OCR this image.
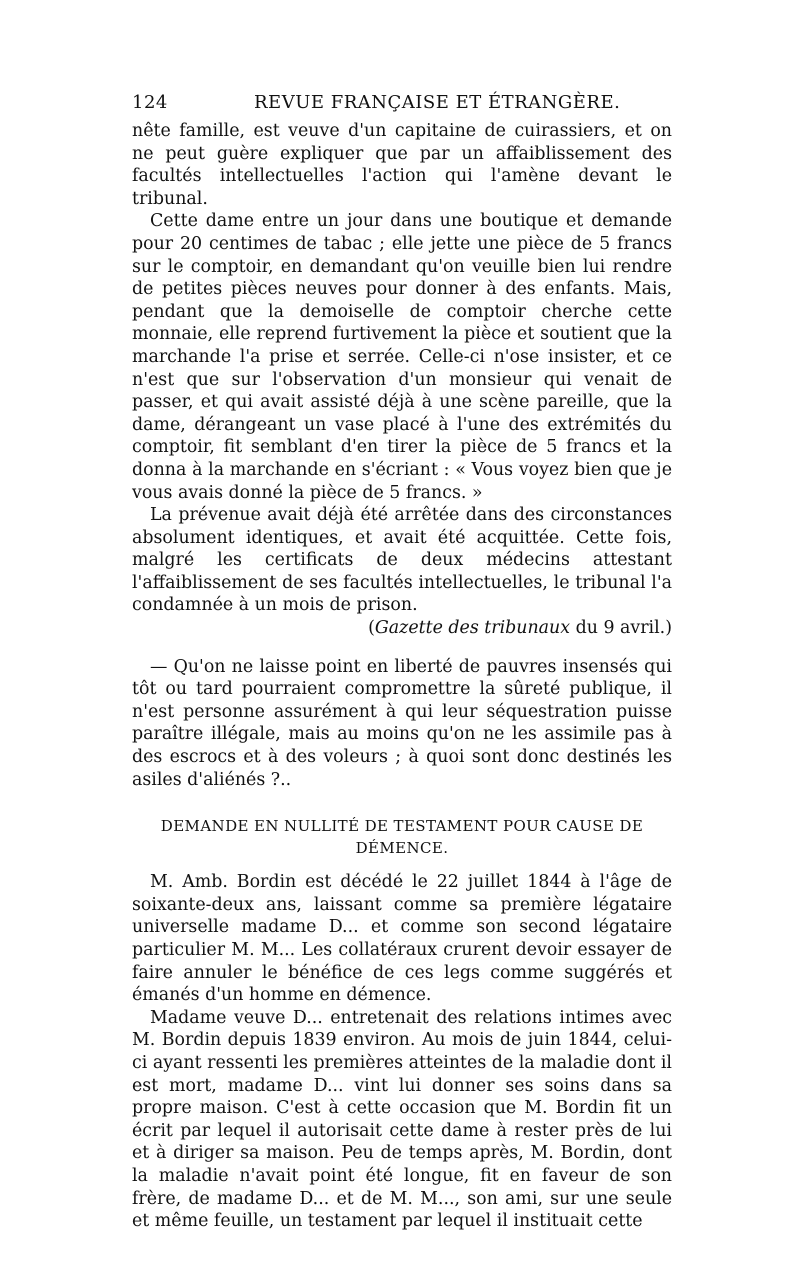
124	REVUE FRANÇAISE ET ÉTRANGÈRE.

nête famille, est veuve d'un capitaine de cuirassiers, et on ne peut guère expliquer que par un affaiblissement des facultés intellectuelles l'action qui l'amène devant le tribunal.

Cette dame entre un jour dans une boutique et demande pour 20 centimes de tabac ; elle jette une pièce de 5 francs sur le comptoir, en demandant qu'on veuille bien lui rendre de petites pièces neuves pour donner à des enfants. Mais, pendant que la demoiselle de comptoir cherche cette monnaie, elle reprend furtivement la pièce et soutient que la marchande l'a prise et serrée. Celle-ci n'ose insister, et ce n'est que sur l'observation d'un monsieur qui venait de passer, et qui avait assisté déjà à une scène pareille, que la dame, dérangeant un vase placé à l'une des extrémités du comptoir, fit semblant d'en tirer la pièce de 5 francs et la donna à la marchande en s'écriant : « Vous voyez bien que je vous avais donné la pièce de 5 francs. »

La prévenue avait déjà été arrêtée dans des circonstances absolument identiques, et avait été acquittée. Cette fois, malgré les certificats de deux médecins attestant l'affaiblissement de ses facultés intellectuelles, le tribunal l'a condamnée à un mois de prison.

(Gazette des tribunaux du 9 avril.)

— Qu'on ne laisse point en liberté de pauvres insensés qui tôt ou tard pourraient compromettre la sûreté publique, il n'est personne assurément à qui leur séquestration puisse paraître illégale, mais au moins qu'on ne les assimile pas à des escrocs et à des voleurs ; à quoi sont donc destinés les asiles d'aliénés ?..

DEMANDE EN NULLITÉ DE TESTAMENT POUR CAUSE DE DÉMENCE.

M. Amb. Bordin est décédé le 22 juillet 1844 à l'âge de soixante-deux ans, laissant comme sa première légataire universelle madame D... et comme son second légataire particulier M. M... Les collatéraux crurent devoir essayer de faire annuler le bénéfice de ces legs comme suggérés et émanés d'un homme en démence.

Madame veuve D... entretenait des relations intimes avec M. Bordin depuis 1839 environ. Au mois de juin 1844, celui-ci ayant ressenti les premières atteintes de la maladie dont il est mort, madame D... vint lui donner ses soins dans sa propre maison. C'est à cette occasion que M. Bordin fit un écrit par lequel il autorisait cette dame à rester près de lui et à diriger sa maison. Peu de temps après, M. Bordin, dont la maladie n'avait point été longue, fit en faveur de son frère, de madame D... et de M. M..., son ami, sur une seule et même feuille, un testament par lequel il instituait cette
